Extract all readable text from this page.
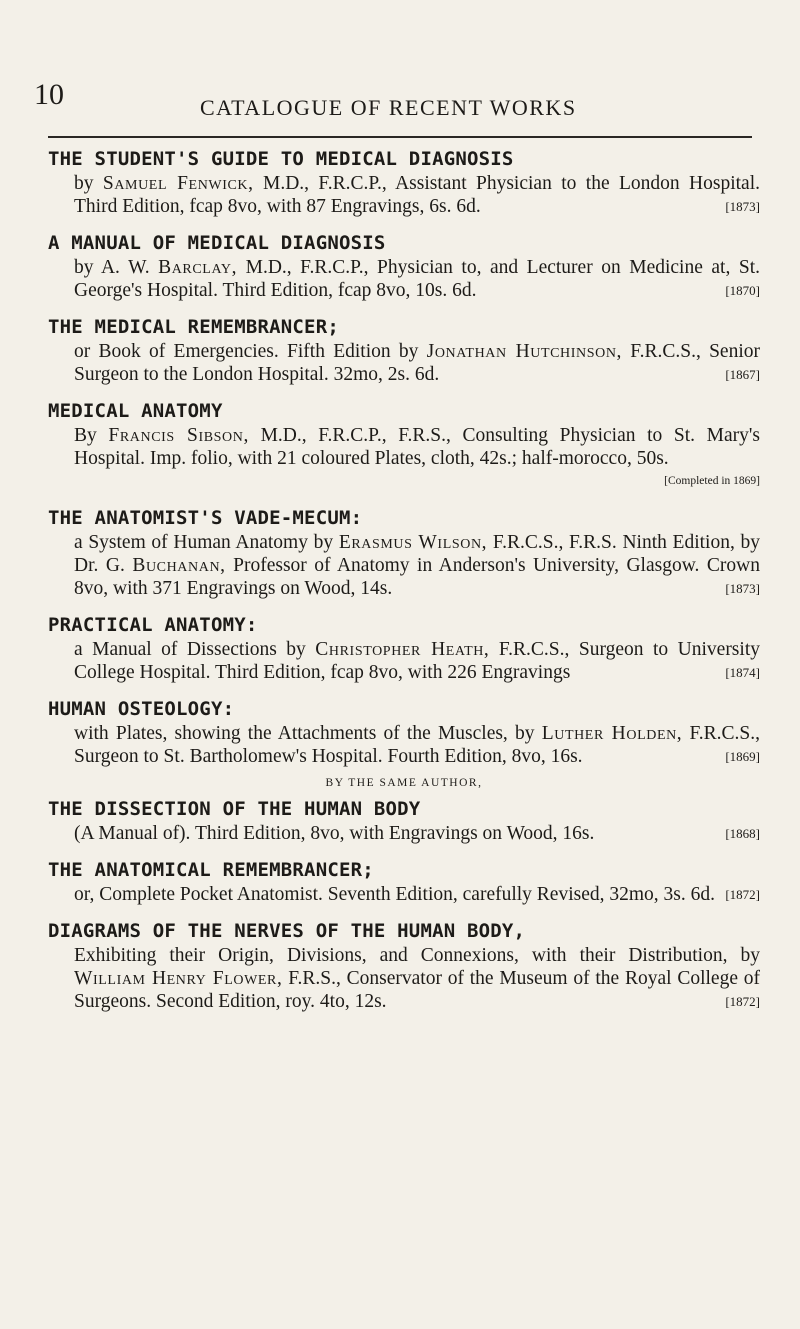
10	CATALOGUE OF RECENT WORKS
THE STUDENT'S GUIDE TO MEDICAL DIAGNOSIS
by Samuel Fenwick, M.D., F.R.C.P., Assistant Physician to the London Hospital. Third Edition, fcap 8vo, with 87 Engravings, 6s. 6d.	[1873]
A MANUAL OF MEDICAL DIAGNOSIS
by A. W. Barclay, M.D., F.R.C.P., Physician to, and Lecturer on Medicine at, St. George's Hospital. Third Edition, fcap 8vo, 10s. 6d.	[1870]
THE MEDICAL REMEMBRANCER;
or Book of Emergencies. Fifth Edition by Jonathan Hutchinson, F.R.C.S., Senior Surgeon to the London Hospital. 32mo, 2s. 6d.	[1867]
MEDICAL ANATOMY
By Francis Sibson, M.D., F.R.C.P., F.R.S., Consulting Physician to St. Mary's Hospital. Imp. folio, with 21 coloured Plates, cloth, 42s.; half-morocco, 50s.
[Completed in 1869]
THE ANATOMIST'S VADE-MECUM:
a System of Human Anatomy by Erasmus Wilson, F.R.C.S., F.R.S. Ninth Edition, by Dr. G. Buchanan, Professor of Anatomy in Anderson's University, Glasgow. Crown 8vo, with 371 Engravings on Wood, 14s.	[1873]
PRACTICAL ANATOMY:
a Manual of Dissections by Christopher Heath, F.R.C.S., Surgeon to University College Hospital. Third Edition, fcap 8vo, with 226 Engravings	[1874]
HUMAN OSTEOLOGY:
with Plates, showing the Attachments of the Muscles, by Luther Holden, F.R.C.S., Surgeon to St. Bartholomew's Hospital. Fourth Edition, 8vo, 16s.	[1869]
BY THE SAME AUTHOR,
THE DISSECTION OF THE HUMAN BODY
(A Manual of). Third Edition, 8vo, with Engravings on Wood, 16s.	[1868]
THE ANATOMICAL REMEMBRANCER;
or, Complete Pocket Anatomist. Seventh Edition, carefully Revised, 32mo, 3s. 6d. [1872]
DIAGRAMS OF THE NERVES OF THE HUMAN BODY,
Exhibiting their Origin, Divisions, and Connexions, with their Distribution, by William Henry Flower, F.R.S., Conservator of the Museum of the Royal College of Surgeons. Second Edition, roy. 4to, 12s.	[1872]
